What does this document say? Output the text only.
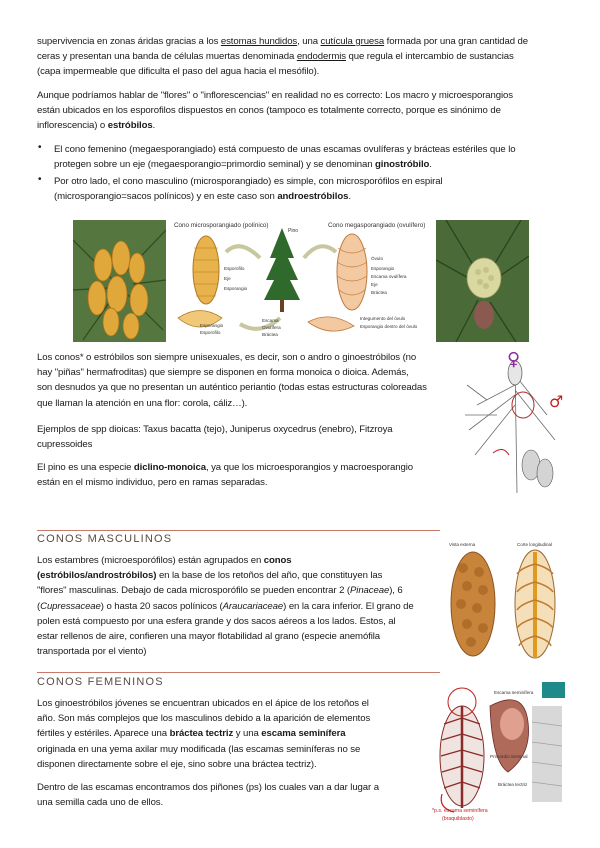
supervivencia en zonas áridas gracias a los estomas hundidos, una cutícula gruesa formada por una gran cantidad de
ceras y presentan una banda de células muertas denominada endodermis que regula el intercambio de sustancias
(capa impermeable que dificulta el paso del agua hacia el mesófilo).
Aunque podríamos hablar de "flores" o "inflorescencias" en realidad no es correcto: Los macro y microesporangios
están ubicados en los esporofilos dispuestos en conos (tampoco es totalmente correcto, porque es sinónimo de
inflorescencia) o estróbilos.
• El cono femenino (megaesporangiado) está compuesto de unas escamas ovulíferas y brácteas estériles que lo
protegen sobre un eje (megaesporangio=primordio seminal) y se denominan ginostróbilo.
• Por otro lado, el cono masculino (microsporangiado) es simple, con microsporófilos en espiral
(microsporangio=sacos polínicos) y en este caso son androestróbilos.
Cono microsporangiado (polínico)	Cono megasporangiado (ovulífero)
Pino
Esporofilo
Eje
Esporangio
Esporangio
Esporofilo
Óvulo
Esporangio
Escama ovulífera
Eje
Bráctea
Escama
Ovulífera
Bráctea
Integumento del óvulo
Esporangio dentro del óvulo
Los conos* o estróbilos son siempre unisexuales, es decir, son o andro o ginoestróbilos (no
hay "piñas" hermafroditas) que siempre se disponen en forma monoica o dioica. Además,
son desnudos ya que no presentan un auténtico periantio (todas estas estructuras coloreadas
que llaman la atención en una flor: corola, cáliz…).
Ejemplos de spp dioicas: Taxus bacatta (tejo), Juniperus oxycedrus (enebro), Fitzroya
cupressoides
El pino es una especie diclino-monoica, ya que los microesporangios y macroesporangio
están en el mismo individuo, pero en ramas separadas.
♀
♂
CONOS MASCULINOS
Los estambres (microesporófilos) están agrupados en conos
(estróbilos/androstróbilos) en la base de los retoños del año, que constituyen las
"flores" masculinas. Debajo de cada microsporófilo se pueden encontrar 2 (Pinaceae), 6
(Cupressaceae) o hasta 20 sacos polínicos (Araucariaceae) en la cara inferior. El grano de
polen está compuesto por una esfera grande y dos sacos aéreos a los lados. Estos, al
estar rellenos de aire, confieren una mayor flotabilidad al grano (especie anemófila
transportada por el viento)
Vista externa	Corte longitudinal
CONOS FEMENINOS
Los ginoestróbilos jóvenes se encuentran ubicados en el ápice de los retoños el
año. Son más complejos que los masculinos debido a la aparición de elementos
fértiles y estériles. Aparece una bráctea tectriz y una escama seminífera
originada en una yema axilar muy modificada (las escamas seminíferas no se
disponen directamente sobre el eje, sino sobre una bráctea tectriz).
Dentro de las escamas encontramos dos piñones (ps) los cuales van a dar lugar a
una semilla cada uno de ellos.
Escama seminífera
Primordio Seminal
Bráctea tectriz
*p.s. escama seminífera
(braquiblasto)
